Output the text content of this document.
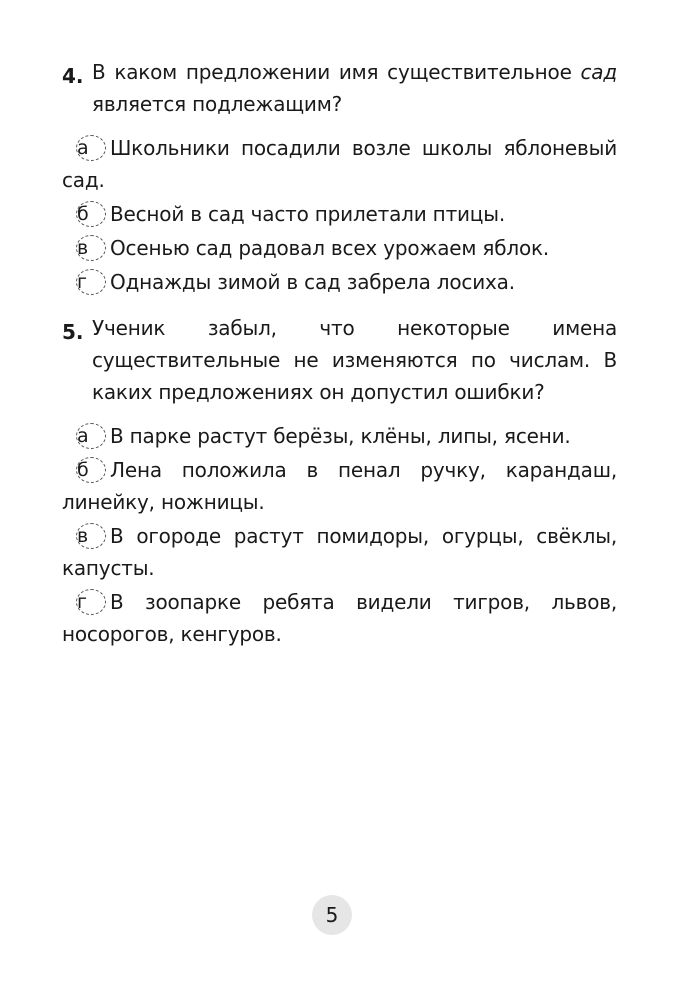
4. В каком предложении имя существительное сад является подлежащим?
а Школьники посадили возле школы яблоневый сад.
б Весной в сад часто прилетали птицы.
в Осенью сад радовал всех урожаем яблок.
г Однажды зимой в сад забрела лосиха.
5. Ученик забыл, что некоторые имена существительные не изменяются по числам. В каких предложениях он допустил ошибки?
а В парке растут берёзы, клёны, липы, ясени.
б Лена положила в пенал ручку, карандаш, линейку, ножницы.
в В огороде растут помидоры, огурцы, свёклы, капусты.
г В зоопарке ребята видели тигров, львов, носорогов, кенгуров.
5
